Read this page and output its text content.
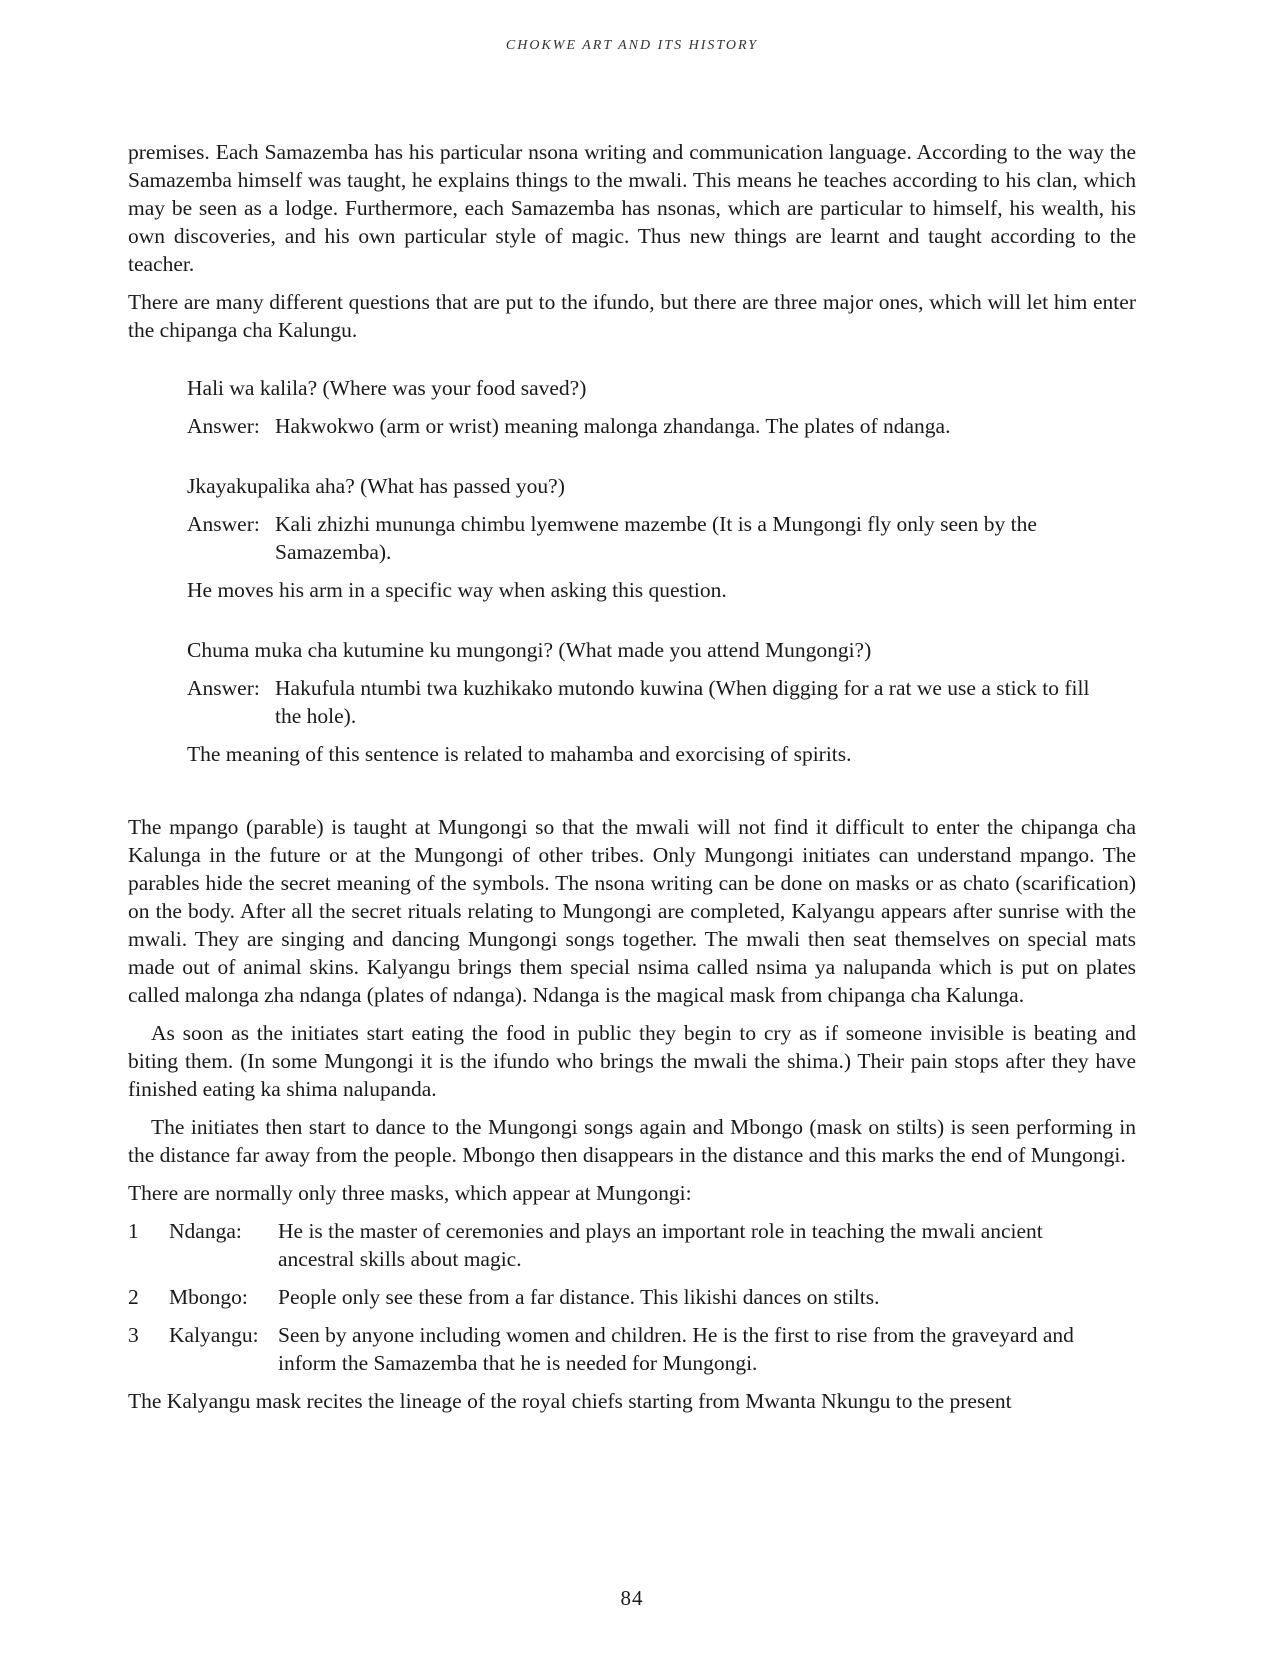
CHOKWE ART AND ITS HISTORY

premises. Each Samazemba has his particular nsona writing and communication language. According to the way the Samazemba himself was taught, he explains things to the mwali. This means he teaches according to his clan, which may be seen as a lodge. Furthermore, each Samazemba has nsonas, which are particular to himself, his wealth, his own discoveries, and his own particular style of magic. Thus new things are learnt and taught according to the teacher.

There are many different questions that are put to the ifundo, but there are three major ones, which will let him enter the chipanga cha Kalungu.

Hali wa kalila? (Where was your food saved?)
Answer: Hakwokwo (arm or wrist) meaning malonga zhandanga. The plates of ndanga.
Jkayakupalika aha? (What has passed you?)
Answer: Kali zhizhi mununga chimbu lyemwene mazembe (It is a Mungongi fly only seen by the Samazemba).
He moves his arm in a specific way when asking this question.
Chuma muka cha kutumine ku mungongi? (What made you attend Mungongi?)
Answer: Hakufula ntumbi twa kuzhikako mutondo kuwina (When digging for a rat we use a stick to fill the hole).
The meaning of this sentence is related to mahamba and exorcising of spirits.

The mpango (parable) is taught at Mungongi so that the mwali will not find it difficult to enter the chipanga cha Kalunga in the future or at the Mungongi of other tribes. Only Mungongi initiates can understand mpango. The parables hide the secret meaning of the symbols. The nsona writing can be done on masks or as chato (scarification) on the body. After all the secret rituals relating to Mungongi are completed, Kalyangu appears after sunrise with the mwali. They are singing and dancing Mungongi songs together. The mwali then seat themselves on special mats made out of animal skins. Kalyangu brings them special nsima called nsima ya nalupanda which is put on plates called malonga zha ndanga (plates of ndanga). Ndanga is the magical mask from chipanga cha Kalunga.

As soon as the initiates start eating the food in public they begin to cry as if someone invisible is beating and biting them. (In some Mungongi it is the ifundo who brings the mwali the shima.) Their pain stops after they have finished eating ka shima nalupanda.

The initiates then start to dance to the Mungongi songs again and Mbongo (mask on stilts) is seen performing in the distance far away from the people. Mbongo then disappears in the distance and this marks the end of Mungongi.

There are normally only three masks, which appear at Mungongi:

1	Ndanga:	He is the master of ceremonies and plays an important role in teaching the mwali ancient ancestral skills about magic.
2	Mbongo:	People only see these from a far distance. This likishi dances on stilts.
3	Kalyangu: Seen by anyone including women and children. He is the first to rise from the graveyard and inform the Samazemba that he is needed for Mungongi.

The Kalyangu mask recites the lineage of the royal chiefs starting from Mwanta Nkungu to the present

84
